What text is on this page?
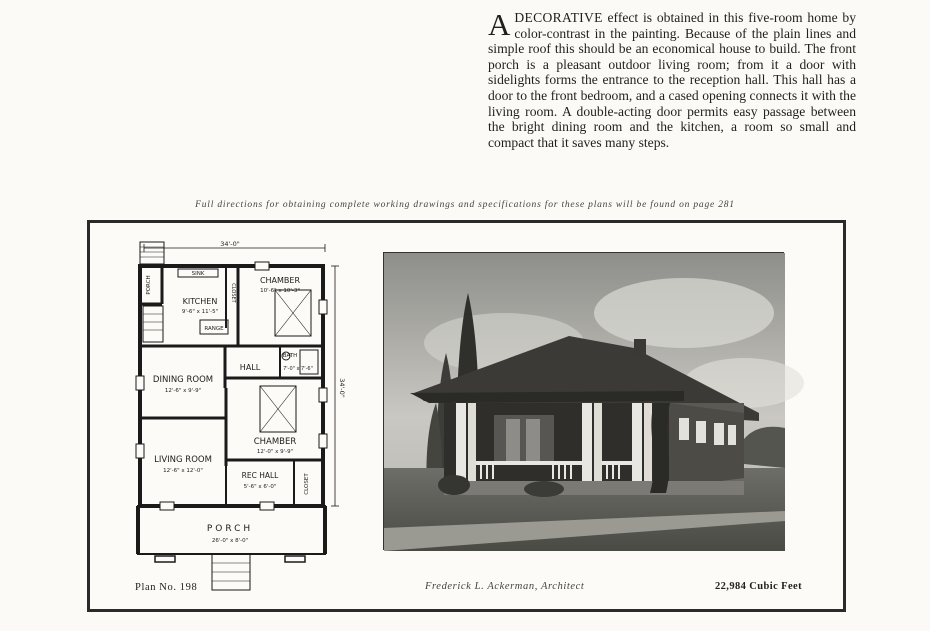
ADECORATIVE effect is obtained in this five-room home by color-contrast in the painting. Because of the plain lines and simple roof this should be an economical house to build. The front porch is a pleasant outdoor living room; from it a door with sidelights forms the entrance to the reception hall. This hall has a door to the front bedroom, and a cased opening connects it with the living room. A double-acting door permits easy passage between the bright dining room and the kitchen, a room so small and compact that it saves many steps.
Full directions for obtaining complete working drawings and specifications for these plans will be found on page 281
34'-0"
34'-0"
PORCH
SINK
KITCHEN
9'-6" x 11'-5"
RANGE
CLOSET
CHAMBER
10'-6" x 10'-3"
HALL
BATH
7'-0" x 7'-6"
DINING ROOM
12'-6" x 9'-9"
CHAMBER
12'-0" x 9'-9"
LIVING ROOM
12'-6" x 12'-0"	REC HALL
5'-6" x 6'-0"	CLOSET
PORCH
26'-0" x 8'-0"
Plan No. 198	Frederick L. Ackerman, Architect	22,984 Cubic Feet
